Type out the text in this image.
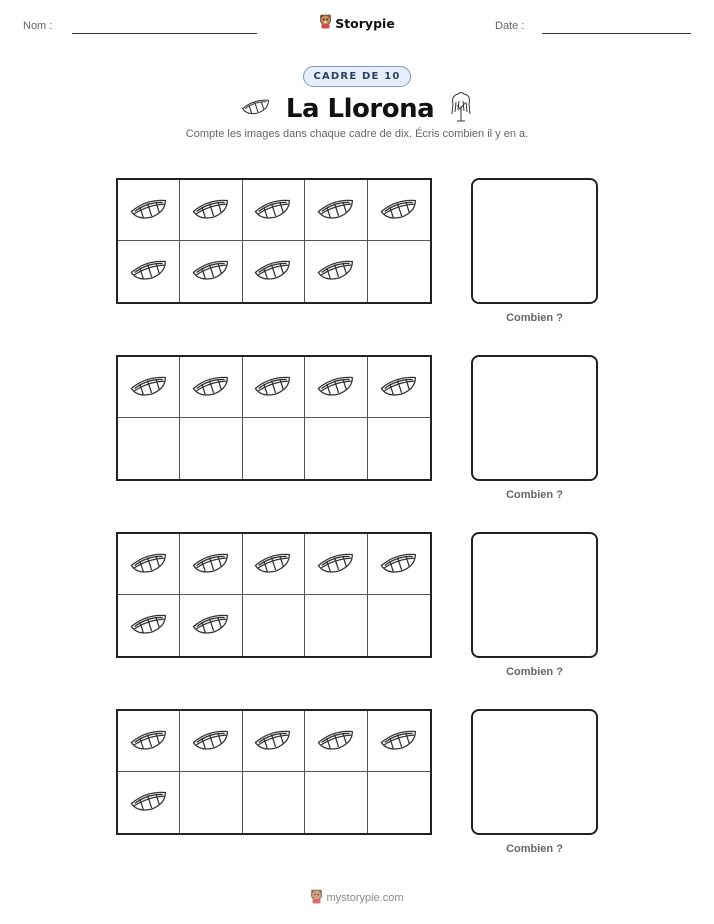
Nom :	Storypie	Date :
CADRE DE 10
La Llorona
Compte les images dans chaque cadre de dix. Écris combien il y en a.
Combien ?
Combien ?
Combien ?
Combien ?
mystorypie.com
